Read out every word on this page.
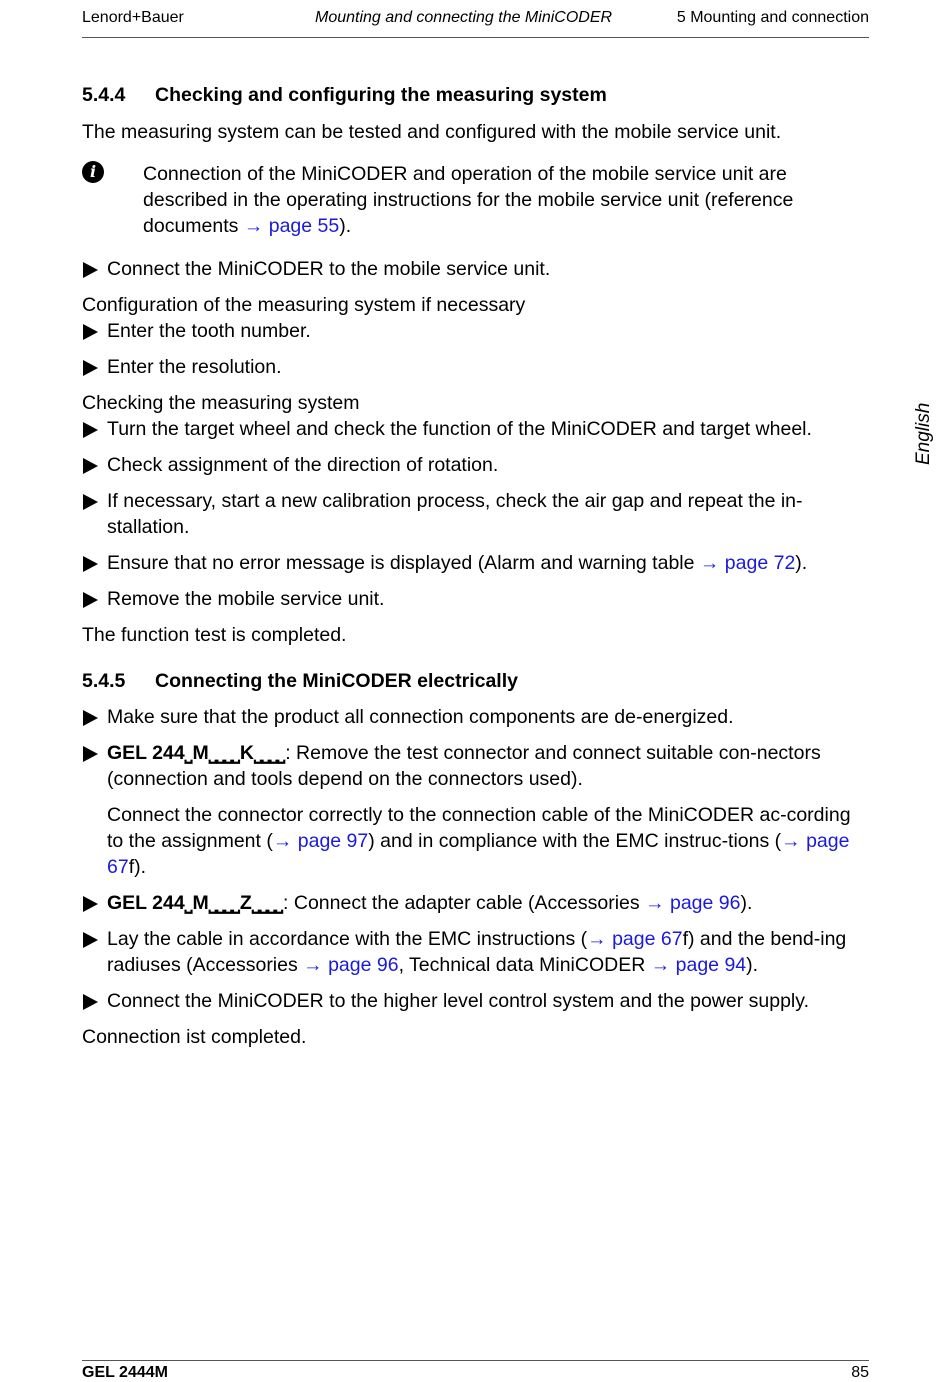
Lenord+Bauer	Mounting and connecting the MiniCODER	5 Mounting and connection
English
5.4.4 Checking and configuring the measuring system

The measuring system can be tested and configured with the mobile service unit.

i	Connection of the MiniCODER and operation of the mobile service unit are described in the operating instructions for the mobile service unit (reference documents → page 55).
Connect the MiniCODER to the mobile service unit.

Configuration of the measuring system if necessary

Enter the tooth number.
Enter the resolution.

Checking the measuring system

Turn the target wheel and check the function of the MiniCODER and target wheel.
Check assignment of the direction of rotation.
If necessary, start a new calibration process, check the air gap and repeat the in-stallation.
Ensure that no error message is displayed (Alarm and warning table → page 72).
Remove the mobile service unit.

The function test is completed.

5.4.5 Connecting the MiniCODER electrically
Make sure that the product all connection components are de-energized.
GEL 244⎵M⎵⎵⎵⎵K⎵⎵⎵⎵: Remove the test connector and connect suitable con-nectors (connection and tools depend on the connectors used).

Connect the connector correctly to the connection cable of the MiniCODER ac-cording to the assignment (→ page 97) and in compliance with the EMC instruc-tions (→ page 67f).

GEL 244⎵M⎵⎵⎵⎵Z⎵⎵⎵⎵: Connect the adapter cable (Accessories → page 96).
Lay the cable in accordance with the EMC instructions (→ page 67f) and the bend-ing radiuses (Accessories → page 96, Technical data MiniCODER → page 94).
Connect the MiniCODER to the higher level control system and the power supply.

Connection ist completed.

GEL 2444M	85
